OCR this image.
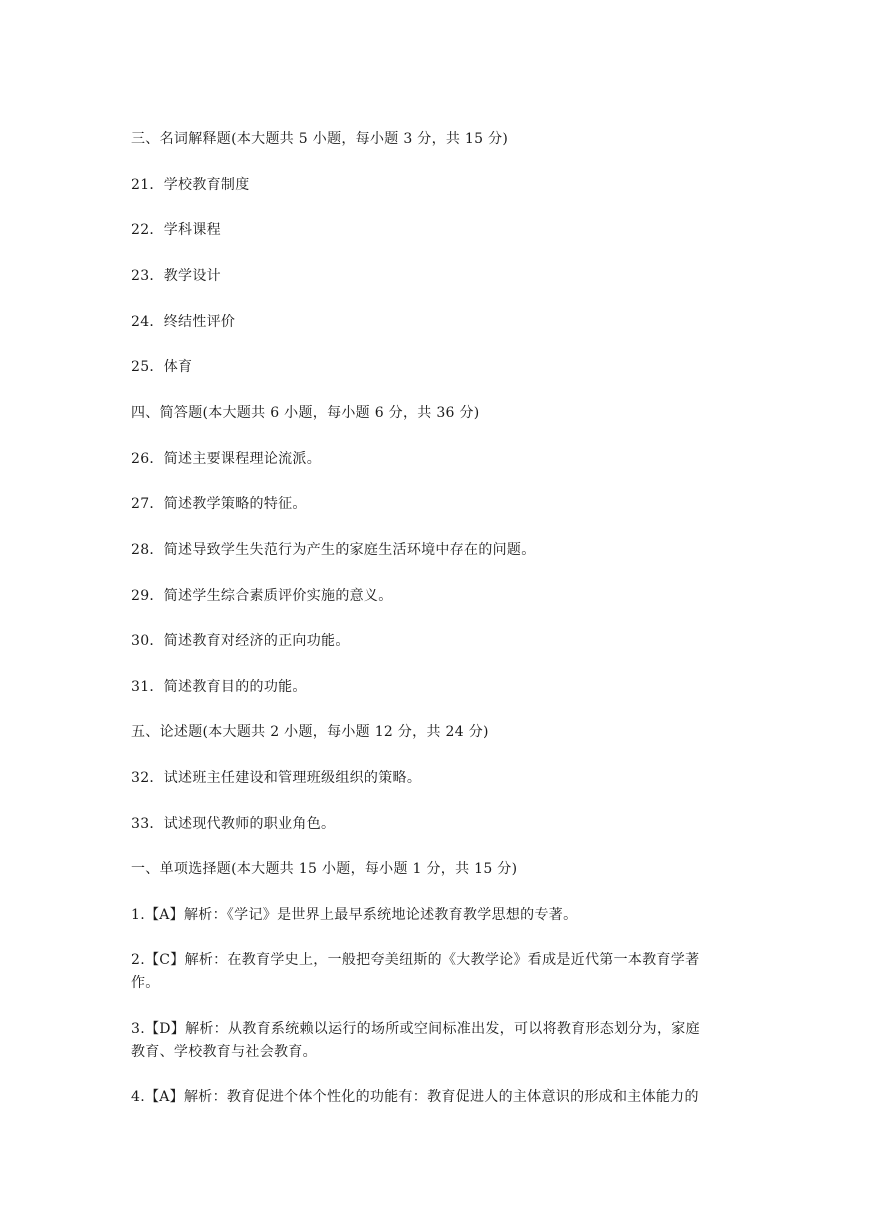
三、名词解释题(本大题共 5 小题，每小题 3 分，共 15 分)
21．学校教育制度
22．学科课程
23．教学设计
24．终结性评价
25．体育
四、简答题(本大题共 6 小题，每小题 6 分，共 36 分)
26．简述主要课程理论流派。
27．简述教学策略的特征。
28．简述导致学生失范行为产生的家庭生活环境中存在的问题。
29．简述学生综合素质评价实施的意义。
30．简述教育对经济的正向功能。
31．简述教育目的的功能。
五、论述题(本大题共 2 小题，每小题 12 分，共 24 分)
32．试述班主任建设和管理班级组织的策略。
33．试述现代教师的职业角色。
一、单项选择题(本大题共 15 小题，每小题 1 分，共 15 分)
1.【A】解析：《学记》是世界上最早系统地论述教育教学思想的专著。
2.【C】解析：在教育学史上，一般把夸美纽斯的《大教学论》看成是近代第一本教育学著
作。
3.【D】解析：从教育系统赖以运行的场所或空间标准出发，可以将教育形态划分为，家庭
教育、学校教育与社会教育。
4.【A】解析：教育促进个体个性化的功能有：教育促进人的主体意识的形成和主体能力的
